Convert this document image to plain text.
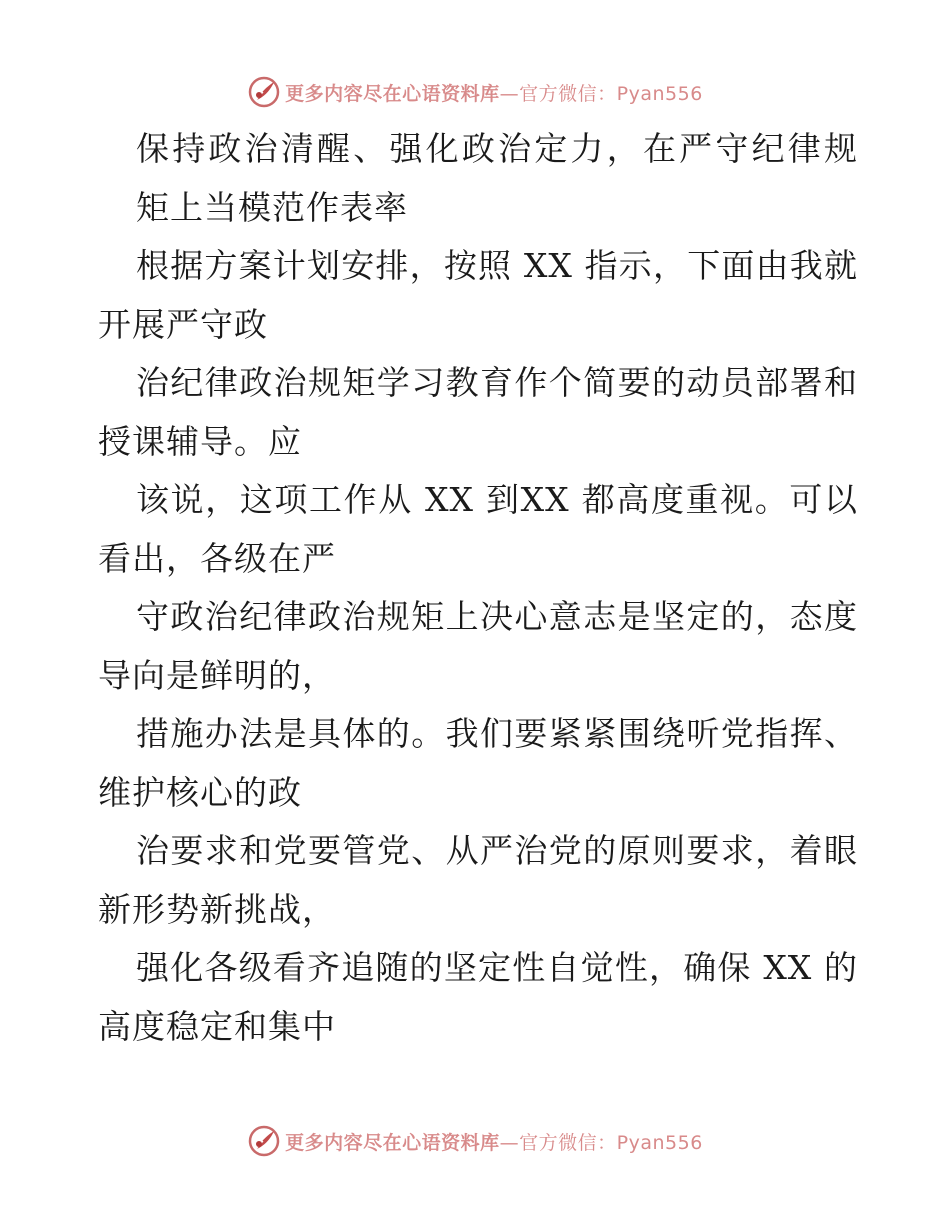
更多内容尽在心语资料库—官方微信：Pyan556
保持政治清醒、强化政治定力，在严守纪律规
矩上当模范作表率
根据方案计划安排，按照 XX 指示，下面由我就
开展严守政
治纪律政治规矩学习教育作个简要的动员部署和
授课辅导。应
该说，这项工作从 XX 到XX 都高度重视。可以
看出，各级在严
守政治纪律政治规矩上决心意志是坚定的，态度
导向是鲜明的，
措施办法是具体的。我们要紧紧围绕听党指挥、
维护核心的政
治要求和党要管党、从严治党的原则要求，着眼
新形势新挑战，
强化各级看齐追随的坚定性自觉性，确保 XX 的
高度稳定和集中
更多内容尽在心语资料库—官方微信：Pyan556
